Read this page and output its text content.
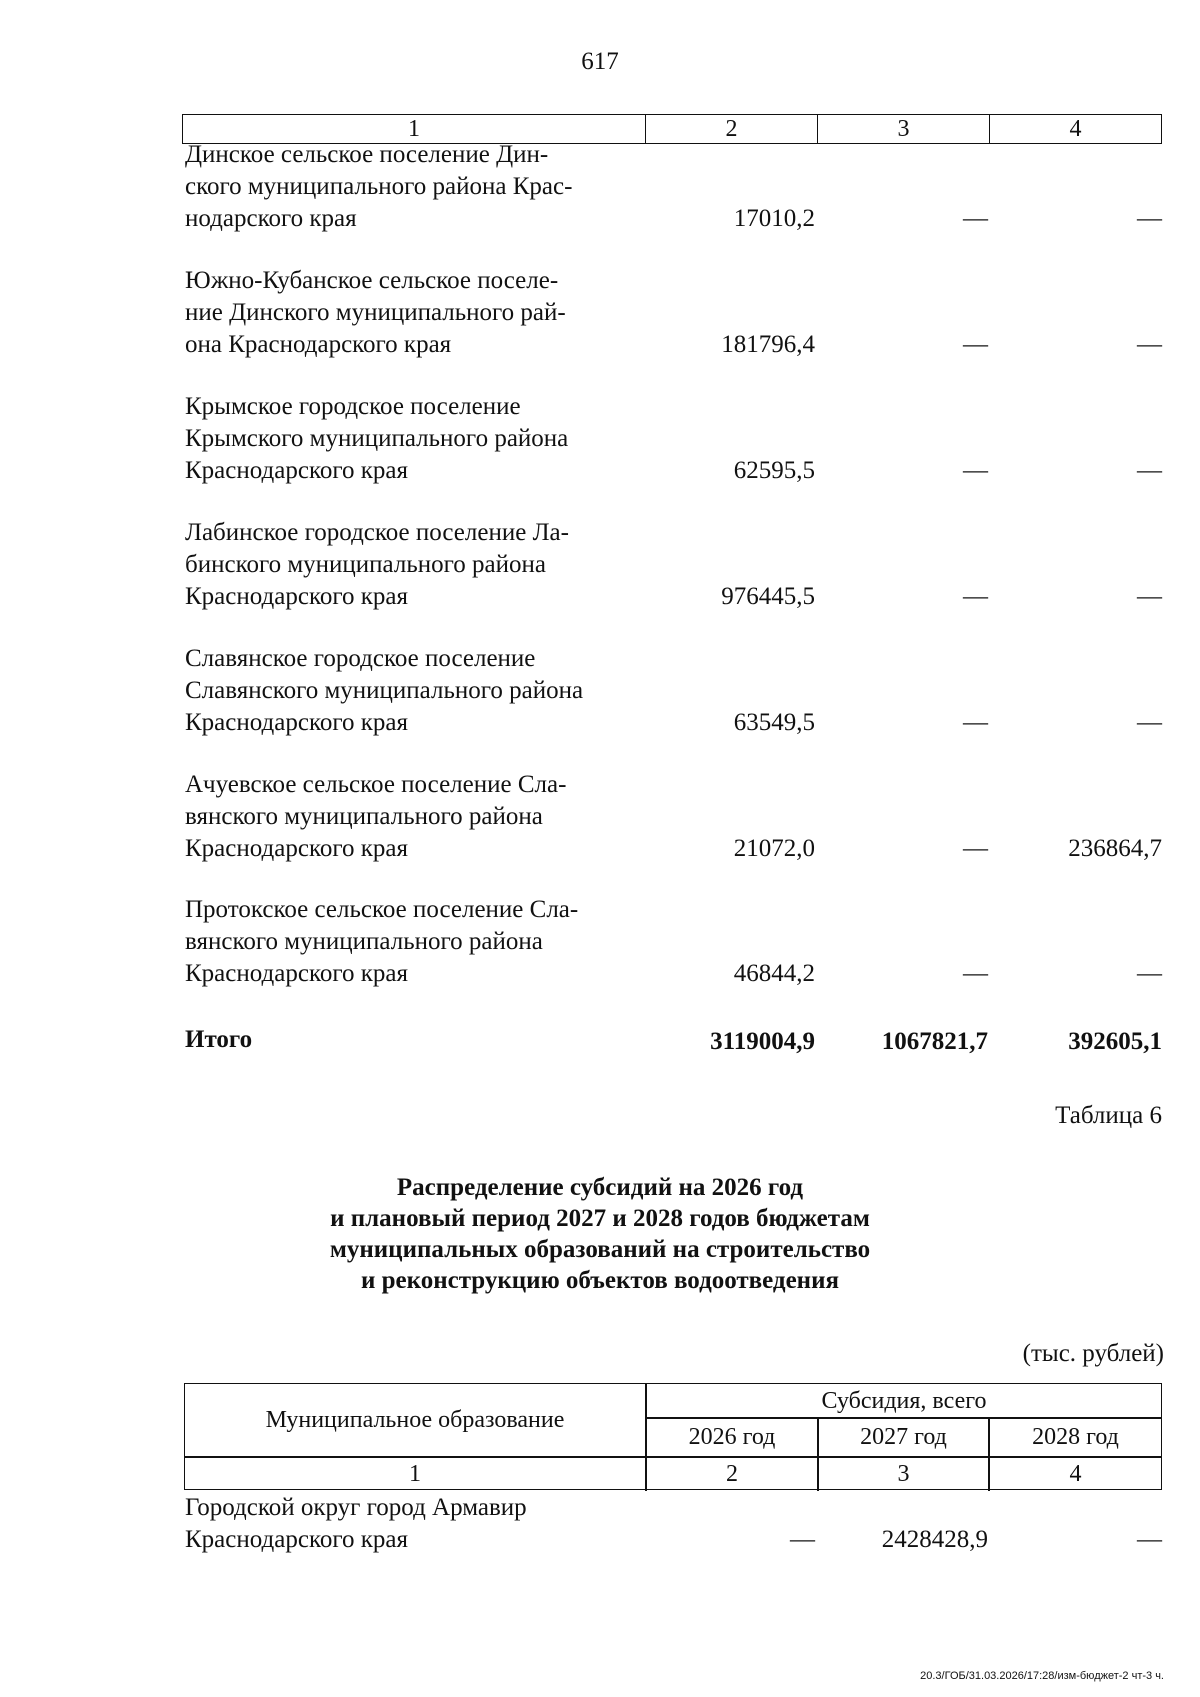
617
1	2	3	4
Динское сельское поселение Дин-
ского муниципального района Крас-
нодарского края	17010,2	—	—
Южно-Кубанское сельское поселе-
ние Динского муниципального рай-
она Краснодарского края	181796,4	—	—
Крымское городское поселение
Крымского муниципального района
Краснодарского края	62595,5	—	—
Лабинское городское поселение Ла-
бинского муниципального района
Краснодарского края	976445,5	—	—
Славянское городское поселение
Славянского муниципального района
Краснодарского края	63549,5	—	—
Ачуевское сельское поселение Сла-
вянского муниципального района
Краснодарского края	21072,0	—	236864,7
Протокское сельское поселение Сла-
вянского муниципального района
Краснодарского края	46844,2	—	—
Итого	3119004,9	1067821,7	392605,1
Таблица 6
Распределение субсидий на 2026 год
и плановый период 2027 и 2028 годов бюджетам
муниципальных образований на строительство
и реконструкцию объектов водоотведения
(тыс. рублей)
Муниципальное образование
Субсидия, всего
2026 год	2027 год	2028 год
1	2	3	4
Городской округ город Армавир
Краснодарского края	—	2428428,9	—
20.3/ГОБ/31.03.2026/17:28/изм-бюджет-2 чт-3 ч.
